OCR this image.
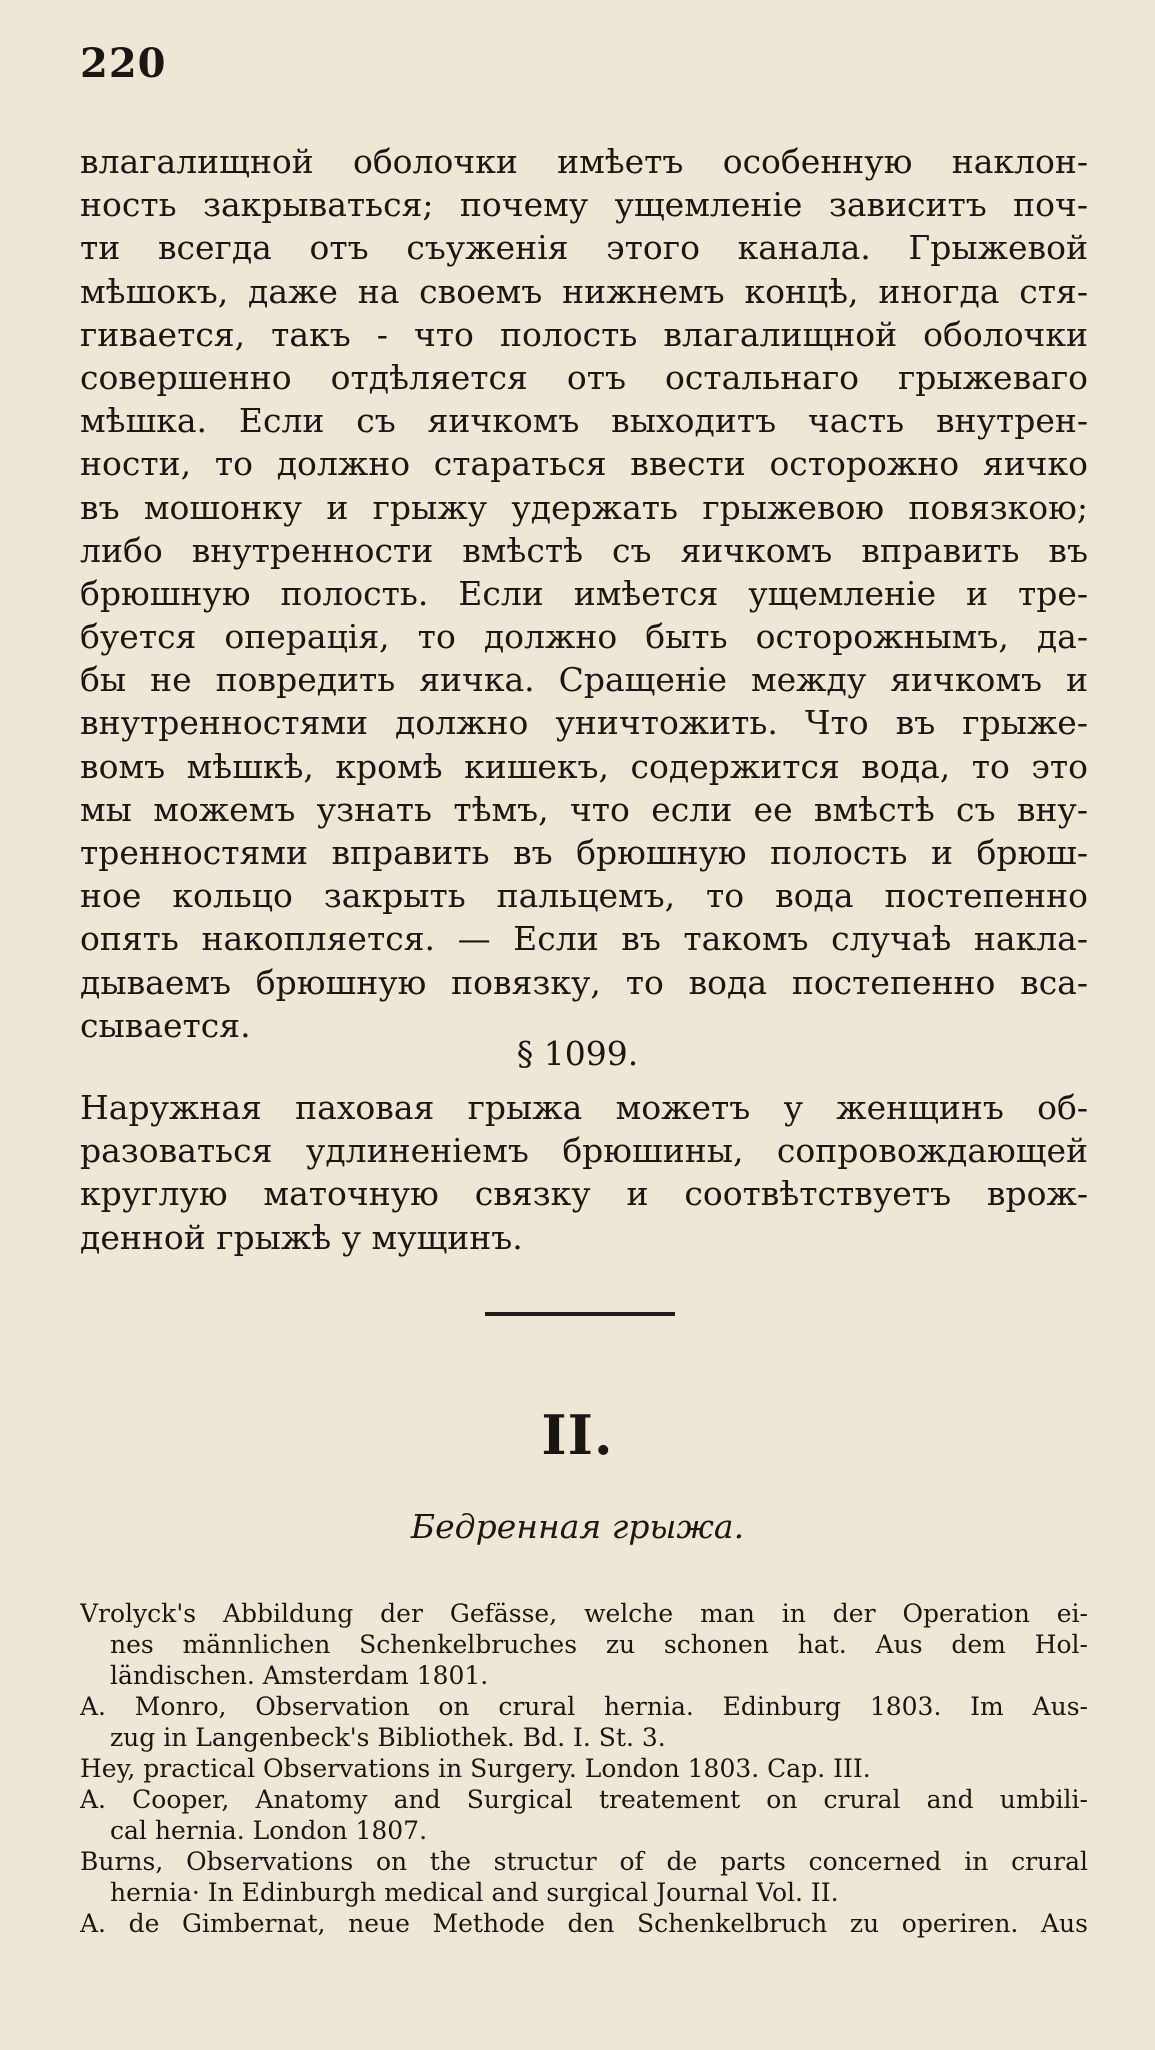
220
влагалищной оболочки имѣетъ особенную наклон-
ность закрываться; почему ущемленіе зависитъ поч-
ти всегда отъ съуженія этого канала. Грыжевой
мѣшокъ, даже на своемъ нижнемъ концѣ, иногда стя-
гивается, такъ - что полость влагалищной оболочки
совершенно отдѣляется отъ остальнаго грыжеваго
мѣшка. Если съ яичкомъ выходитъ часть внутрен-
ности, то должно стараться ввести осторожно яичко
въ мошонку и грыжу удержать грыжевою повязкою;
либо внутренности вмѣстѣ съ яичкомъ вправить въ
брюшную полость. Если имѣется ущемленіе и тре-
буется операція, то должно быть осторожнымъ, да-
бы не повредить яичка. Сращеніе между яичкомъ и
внутренностями должно уничтожить. Что въ грыже-
вомъ мѣшкѣ, кромѣ кишекъ, содержится вода, то это
мы можемъ узнать тѣмъ, что если ее вмѣстѣ съ вну-
тренностями вправить въ брюшную полость и брюш-
ное кольцо закрыть пальцемъ, то вода постепенно
опять накопляется. — Если въ такомъ случаѣ накла-
дываемъ брюшную повязку, то вода постепенно вса-
сывается.
§ 1099.
Наружная паховая грыжа можетъ у женщинъ об-
разоваться удлиненіемъ брюшины, сопровождающей
круглую маточную связку и соотвѣтствуетъ врож-
денной грыжѣ у мущинъ.
II.
Бедренная грыжа.
Vrolyck's Abbildung der Gefässe, welche man in der Operation ei-
nes männlichen Schenkelbruches zu schonen hat. Aus dem Hol-
ländischen. Amsterdam 1801.
A. Monro, Observation on crural hernia. Edinburg 1803. Im Aus-
zug in Langenbeck's Bibliothek. Bd. I. St. 3.
Hey, practical Observations in Surgery. London 1803. Cap. III.
A. Cooper, Anatomy and Surgical treatement on crural and umbili-
cal hernia. London 1807.
Burns, Observations on the structur of de parts concerned in crural
hernia· In Edinburgh medical and surgical Journal Vol. II.
A. de Gimbernat, neue Methode den Schenkelbruch zu operiren. Aus
